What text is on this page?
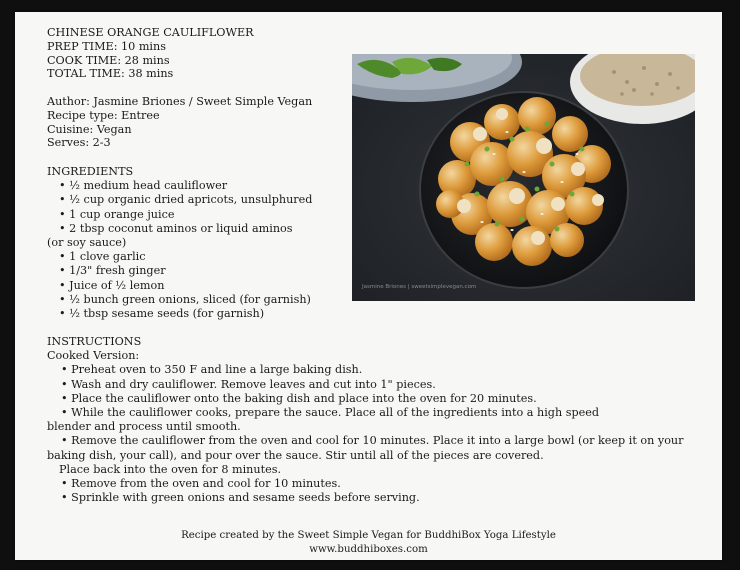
CHINESE ORANGE CAULIFLOWER
PREP TIME: 10 mins
COOK TIME: 28 mins
TOTAL TIME: 38 mins
Author: Jasmine Briones / Sweet Simple Vegan
Recipe type: Entree
Cuisine: Vegan
Serves: 2-3
INGREDIENTS
• ½ medium head cauliflower
• ½ cup organic dried apricots, unsulphured
• 1 cup orange juice
• 2 tbsp coconut aminos or liquid aminos
(or soy sauce)
• 1 clove garlic
• 1/3" fresh ginger
• Juice of ½ lemon
• ½ bunch green onions, sliced (for garnish)
• ½ tbsp sesame seeds (for garnish)
INSTRUCTIONS
Cooked Version:
• Preheat oven to 350 F and line a large baking dish.
• Wash and dry cauliflower. Remove leaves and cut into 1" pieces.
• Place the cauliflower onto the baking dish and place into the oven for 20 minutes.
• While the cauliflower cooks, prepare the sauce. Place all of the ingredients into a high speed
blender and process until smooth.
• Remove the cauliflower from the oven and cool for 10 minutes. Place it into a large bowl (or keep it on your
baking dish, your call), and pour over the sauce. Stir until all of the pieces are covered.
Place back into the oven for 8 minutes.
• Remove from the oven and cool for 10 minutes.
• Sprinkle with green onions and sesame seeds before serving.
Jasmine Briones | sweetsimplevegan.com
Recipe created by the Sweet Simple Vegan for BuddhiBox Yoga Lifestyle
www.buddhiboxes.com
